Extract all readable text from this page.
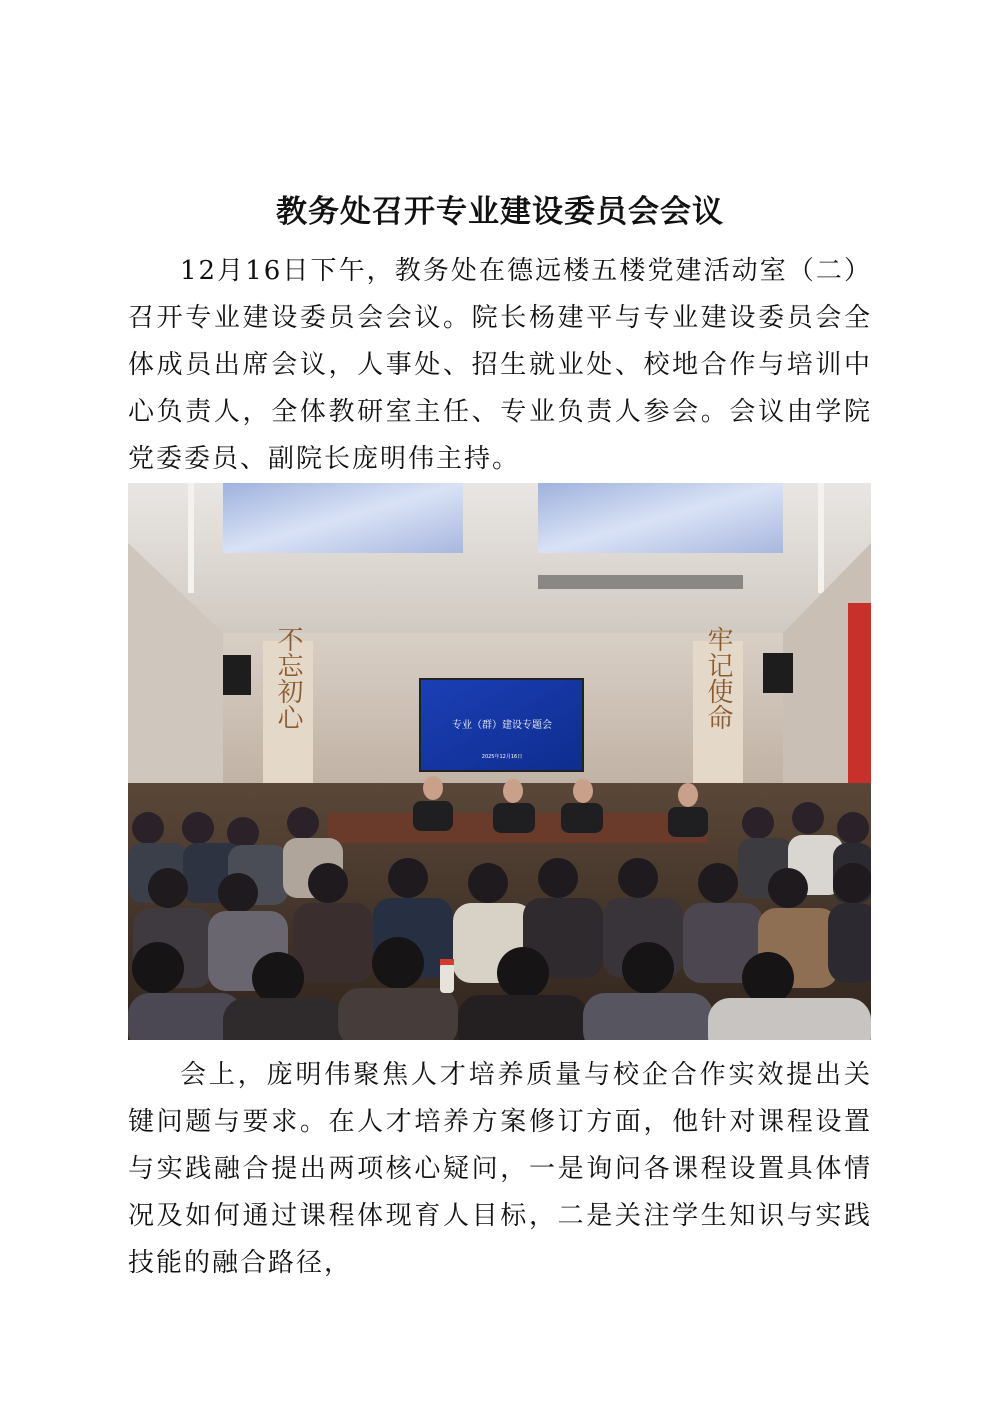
教务处召开专业建设委员会会议

12月16日下午，教务处在德远楼五楼党建活动室（二）召开专业建设委员会会议。院长杨建平与专业建设委员会全体成员出席会议，人事处、招生就业处、校地合作与培训中心负责人，全体教研室主任、专业负责人参会。会议由学院党委委员、副院长庞明伟主持。

不忘初心	牢记使命
专业（群）建设专题会
2025年12月16日

会上，庞明伟聚焦人才培养质量与校企合作实效提出关键问题与要求。在人才培养方案修订方面，他针对课程设置与实践融合提出两项核心疑问，一是询问各课程设置具体情况及如何通过课程体现育人目标，二是关注学生知识与实践技能的融合路径，
